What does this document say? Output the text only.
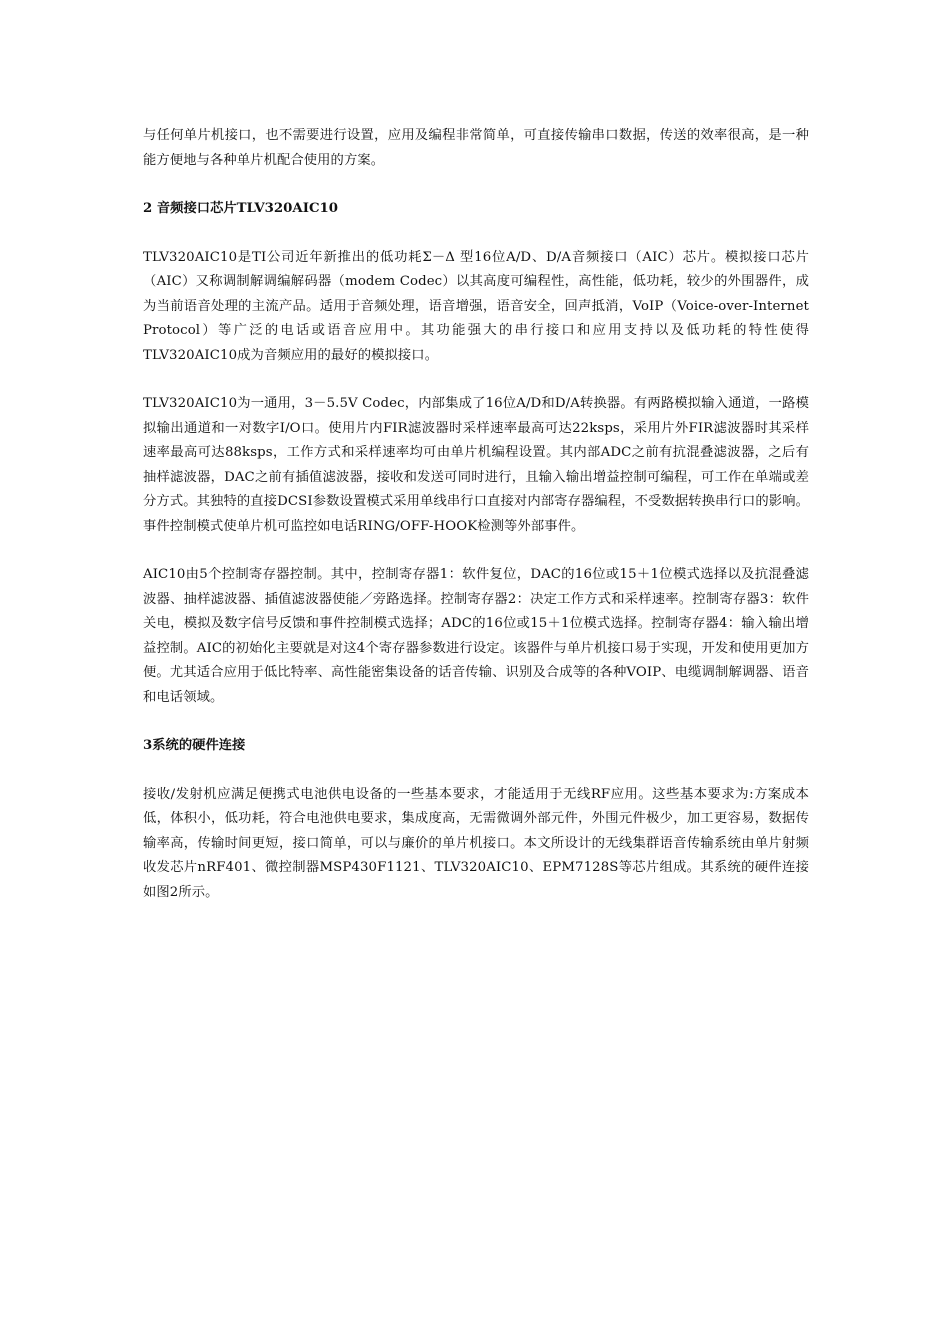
与任何单片机接口，也不需要进行设置，应用及编程非常简单，可直接传输串口数据，传送的效率很高，是一种能方便地与各种单片机配合使用的方案。

2 音频接口芯片TLV320AIC10

TLV320AIC10是TI公司近年新推出的低功耗Σ－Δ 型16位A/D、D/A音频接口（AIC）芯片。模拟接口芯片（AIC）又称调制解调编解码器（modem Codec）以其高度可编程性，高性能，低功耗，较少的外围器件，成为当前语音处理的主流产品。适用于音频处理，语音增强，语音安全，回声抵消，VoIP（Voice-over-Internet Protocol）等广泛的电话或语音应用中。其功能强大的串行接口和应用支持以及低功耗的特性使得TLV320AIC10成为音频应用的最好的模拟接口。

TLV320AIC10为一通用，3－5.5V Codec，内部集成了16位A/D和D/A转换器。有两路模拟输入通道，一路模拟输出通道和一对数字I/O口。使用片内FIR滤波器时采样速率最高可达22ksps，采用片外FIR滤波器时其采样速率最高可达88ksps，工作方式和采样速率均可由单片机编程设置。其内部ADC之前有抗混叠滤波器，之后有抽样滤波器，DAC之前有插值滤波器，接收和发送可同时进行，且输入输出增益控制可编程，可工作在单端或差分方式。其独特的直接DCSI参数设置模式采用单线串行口直接对内部寄存器编程，不受数据转换串行口的影响。事件控制模式使单片机可监控如电话RING/OFF-HOOK检测等外部事件。

AIC10由5个控制寄存器控制。其中，控制寄存器1：软件复位，DAC的16位或15＋1位模式选择以及抗混叠滤波器、抽样滤波器、插值滤波器使能／旁路选择。控制寄存器2：决定工作方式和采样速率。控制寄存器3：软件关电，模拟及数字信号反馈和事件控制模式选择；ADC的16位或15＋1位模式选择。控制寄存器4：输入输出增益控制。AIC的初始化主要就是对这4个寄存器参数进行设定。该器件与单片机接口易于实现，开发和使用更加方便。尤其适合应用于低比特率、高性能密集设备的话音传输、识别及合成等的各种VOIP、电缆调制解调器、语音和电话领域。

3系统的硬件连接

接收/发射机应满足便携式电池供电设备的一些基本要求，才能适用于无线RF应用。这些基本要求为:方案成本低，体积小，低功耗，符合电池供电要求，集成度高，无需微调外部元件，外围元件极少，加工更容易，数据传输率高，传输时间更短，接口简单，可以与廉价的单片机接口。本文所设计的无线集群语音传输系统由单片射频收发芯片nRF401、微控制器MSP430F1121、TLV320AIC10、EPM7128S等芯片组成。其系统的硬件连接如图2所示。
